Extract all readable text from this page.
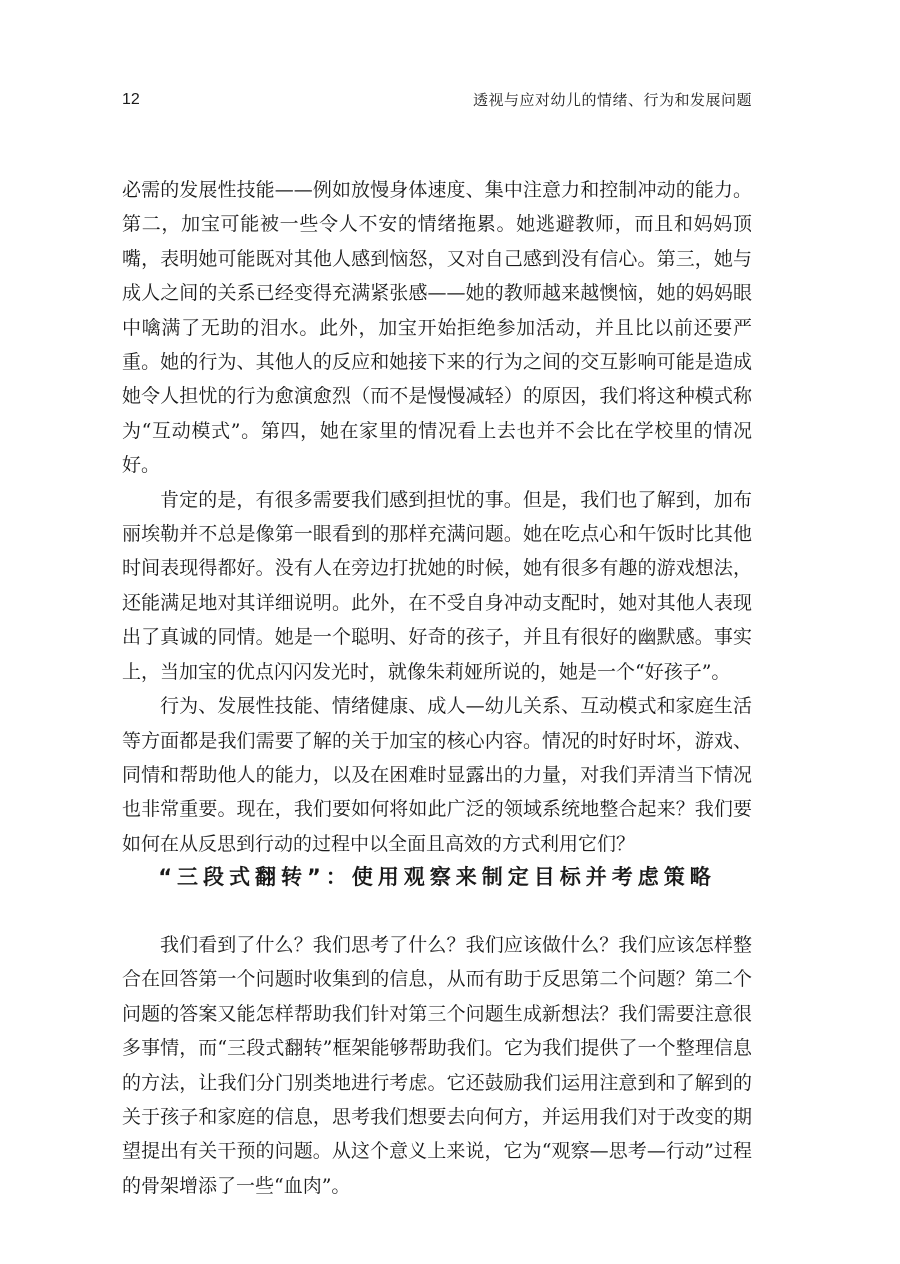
12	透视与应对幼儿的情绪、行为和发展问题

必需的发展性技能——例如放慢身体速度、集中注意力和控制冲动的能力。第二，加宝可能被一些令人不安的情绪拖累。她逃避教师，而且和妈妈顶嘴，表明她可能既对其他人感到恼怒，又对自己感到没有信心。第三，她与成人之间的关系已经变得充满紧张感——她的教师越来越懊恼，她的妈妈眼中噙满了无助的泪水。此外，加宝开始拒绝参加活动，并且比以前还要严重。她的行为、其他人的反应和她接下来的行为之间的交互影响可能是造成她令人担忧的行为愈演愈烈（而不是慢慢减轻）的原因，我们将这种模式称为“互动模式”。第四，她在家里的情况看上去也并不会比在学校里的情况好。

肯定的是，有很多需要我们感到担忧的事。但是，我们也了解到，加布丽埃勒并不总是像第一眼看到的那样充满问题。她在吃点心和午饭时比其他时间表现得都好。没有人在旁边打扰她的时候，她有很多有趣的游戏想法，还能满足地对其详细说明。此外，在不受自身冲动支配时，她对其他人表现出了真诚的同情。她是一个聪明、好奇的孩子，并且有很好的幽默感。事实上，当加宝的优点闪闪发光时，就像朱莉娅所说的，她是一个“好孩子”。

行为、发展性技能、情绪健康、成人—幼儿关系、互动模式和家庭生活等方面都是我们需要了解的关于加宝的核心内容。情况的时好时坏，游戏、同情和帮助他人的能力，以及在困难时显露出的力量，对我们弄清当下情况也非常重要。现在，我们要如何将如此广泛的领域系统地整合起来？我们要如何在从反思到行动的过程中以全面且高效的方式利用它们？

“三段式翻转”：使用观察来制定目标并考虑策略

我们看到了什么？我们思考了什么？我们应该做什么？我们应该怎样整合在回答第一个问题时收集到的信息，从而有助于反思第二个问题？第二个问题的答案又能怎样帮助我们针对第三个问题生成新想法？我们需要注意很多事情，而“三段式翻转”框架能够帮助我们。它为我们提供了一个整理信息的方法，让我们分门别类地进行考虑。它还鼓励我们运用注意到和了解到的关于孩子和家庭的信息，思考我们想要去向何方，并运用我们对于改变的期望提出有关干预的问题。从这个意义上来说，它为“观察—思考—行动”过程的骨架增添了一些“血肉”。
